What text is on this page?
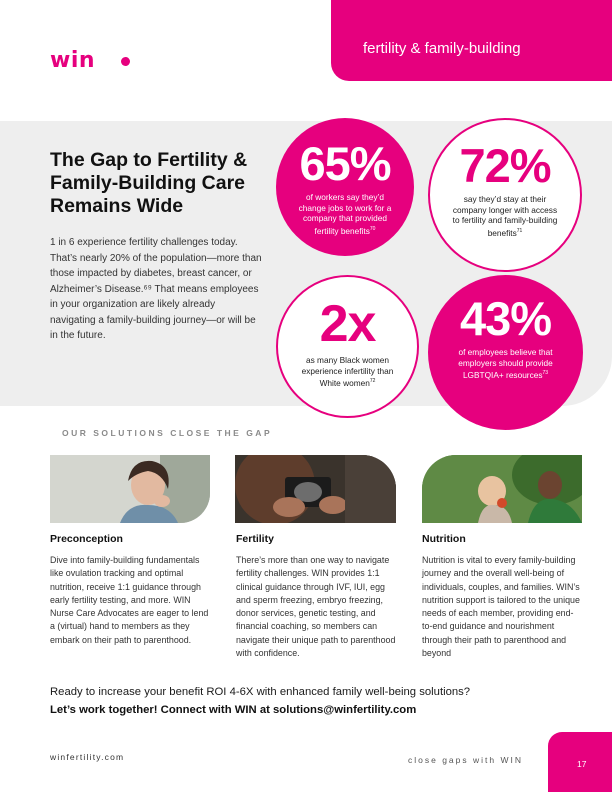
fertility & family-building
win
The Gap to Fertility & Family-Building Care Remains Wide

1 in 6 experience fertility challenges today. That’s nearly 20% of the population—more than those impacted by diabetes, breast cancer, or Alzheimer’s Disease.⁶⁹ That means employees in your organization are likely already navigating a family-building journey—or will be in the future.

65%
of workers say they’d change jobs to work for a company that provided fertility benefits$^{70}$
72%
say they’d stay at their company longer with access to fertility and family-building benefits$^{71}$
2x
as many Black women experience infertility than White women$^{72}$
43%
of employees believe that employers should provide LGBTQIA+ resources$^{73}$
OUR SOLUTIONS CLOSE THE GAP
Preconception

Dive into family-building fundamentals like ovulation tracking and optimal nutrition, receive 1:1 guidance through early fertility testing, and more. WIN Nurse Care Advocates are eager to lend a (virtual) hand to members as they embark on their path to parenthood.

Fertility

There’s more than one way to navigate fertility challenges. WIN provides 1:1 clinical guidance through IVF, IUI, egg and sperm freezing, embryo freezing, donor services, genetic testing, and financial coaching, so members can navigate their unique path to parenthood with confidence.

Nutrition

Nutrition is vital to every family-building journey and the overall well-being of individuals, couples, and families. WIN’s nutrition support is tailored to the unique needs of each member, providing end-to-end guidance and nourishment through their path to parenthood and beyond

Ready to increase your benefit ROI 4-6X with enhanced family well-being solutions?

Let’s work together! Connect with WIN at solutions@winfertility.com

winfertility.com	close gaps with WIN	17
